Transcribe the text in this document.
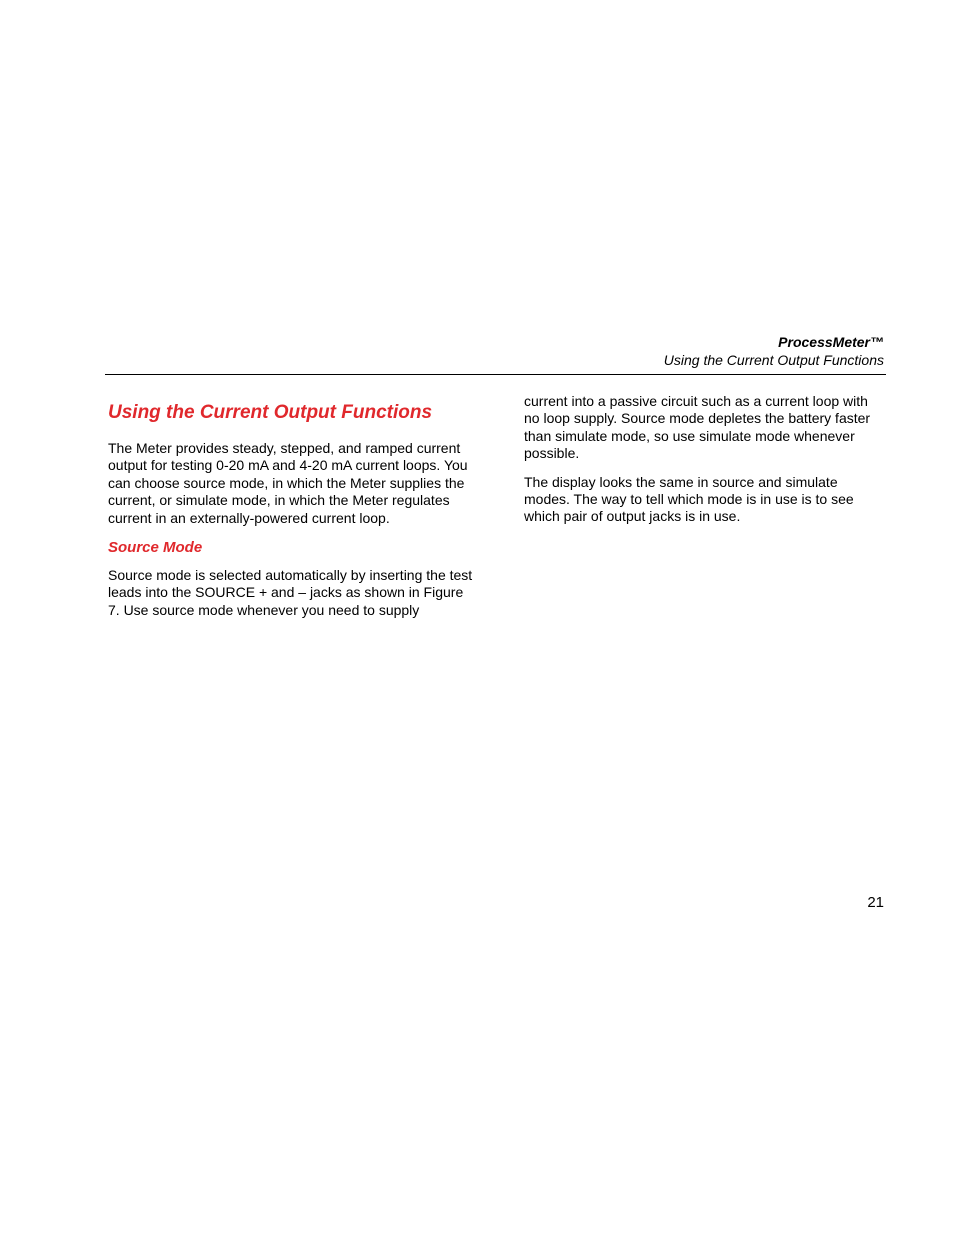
ProcessMeter™
Using the Current Output Functions
Using the Current Output Functions

The Meter provides steady, stepped, and ramped current output for testing 0-20 mA and 4-20 mA current loops. You can choose source mode, in which the Meter supplies the current, or simulate mode, in which the Meter regulates current in an externally-powered current loop.

Source Mode

Source mode is selected automatically by inserting the test leads into the SOURCE + and – jacks as shown in Figure 7. Use source mode whenever you need to supply

current into a passive circuit such as a current loop with no loop supply. Source mode depletes the battery faster than simulate mode, so use simulate mode whenever possible.

The display looks the same in source and simulate modes. The way to tell which mode is in use is to see which pair of output jacks is in use.

21
